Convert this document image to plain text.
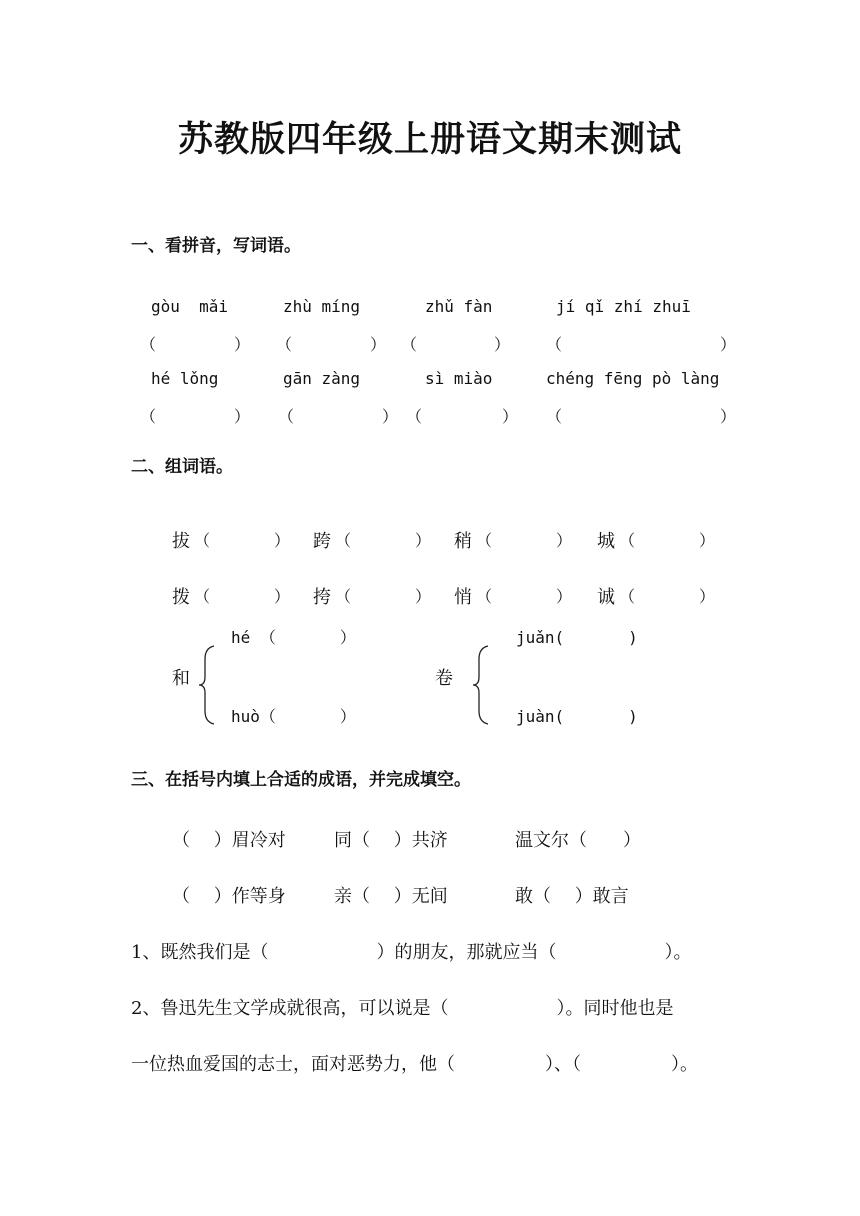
苏教版四年级上册语文期末测试
一、看拼音，写词语。
gòu  mǎi	zhù míng	zhǔ fàn	jí qǐ zhí zhuī
（	） （	） （	） （	）
hé lǒng	gān zàng	sì miào	chéng fēng pò làng
（	） （	） （	） （	）
二、组词语。
拔 （　　　　） 跨 （　　　　） 稍 （　　　　） 城 （　　　　）
拨 （　　　　） 挎 （　　　　） 悄 （　　　　） 诚 （　　　　）
和
hé （　　　　）
huò（　　　　）
卷
juǎn(　　　　)
juàn(　　　　)
三、在括号内填上合适的成语，并完成填空。
（　 ）眉冷对	同（　 ）共济	温文尔（　　）
（　 ）作等身	亲（　 ）无间	敢（　 ）敢言
1、既然我们是（　　　　　　）的朋友，那就应当（　　　　　　）。
2、鲁迅先生文学成就很高，可以说是（　　　　　　）。同时他也是
一位热血爱国的志士，面对恶势力，他（　　　　　）、（　　　　　）。
